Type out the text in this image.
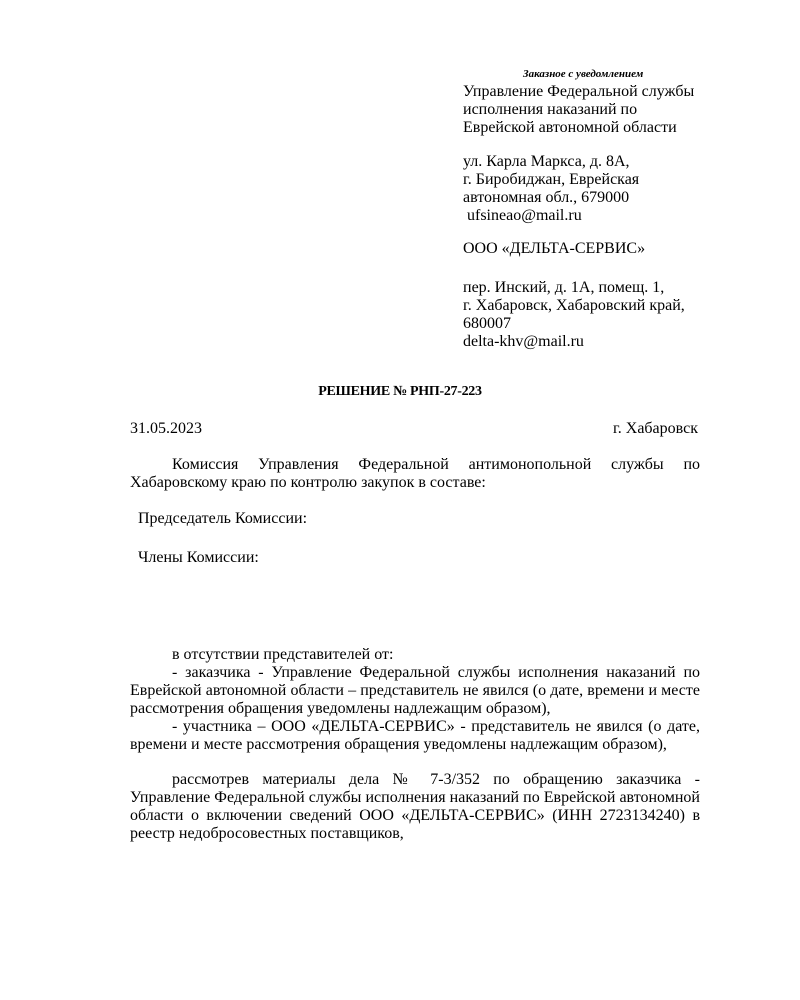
Заказное с уведомлением
Управление Федеральной службы
исполнения наказаний по
Еврейской автономной области
ул. Карла Маркса, д. 8А,
г. Биробиджан, Еврейская
автономная обл., 679000
ufsineao@mail.ru
ООО «ДЕЛЬТА-СЕРВИС»
пер. Инский, д. 1А, помещ. 1,
г. Хабаровск, Хабаровский край,
680007
delta-khv@mail.ru
РЕШЕНИЕ № РНП-27-223
31.05.2023	г. Хабаровск
Комиссия Управления Федеральной антимонопольной службы по Хабаровскому краю по контролю закупок в составе:
Председатель Комиссии:
Члены Комиссии:
в отсутствии представителей от:
- заказчика - Управление Федеральной службы исполнения наказаний по Еврейской автономной области – представитель не явился (о дате, времени и месте рассмотрения обращения уведомлены надлежащим образом),
- участника – ООО «ДЕЛЬТА-СЕРВИС» - представитель не явился (о дате, времени и месте рассмотрения обращения уведомлены надлежащим образом),
рассмотрев материалы дела № 7-3/352 по обращению заказчика - Управление Федеральной службы исполнения наказаний по Еврейской автономной области о включении сведений ООО «ДЕЛЬТА-СЕРВИС» (ИНН 2723134240) в реестр недобросовестных поставщиков,
